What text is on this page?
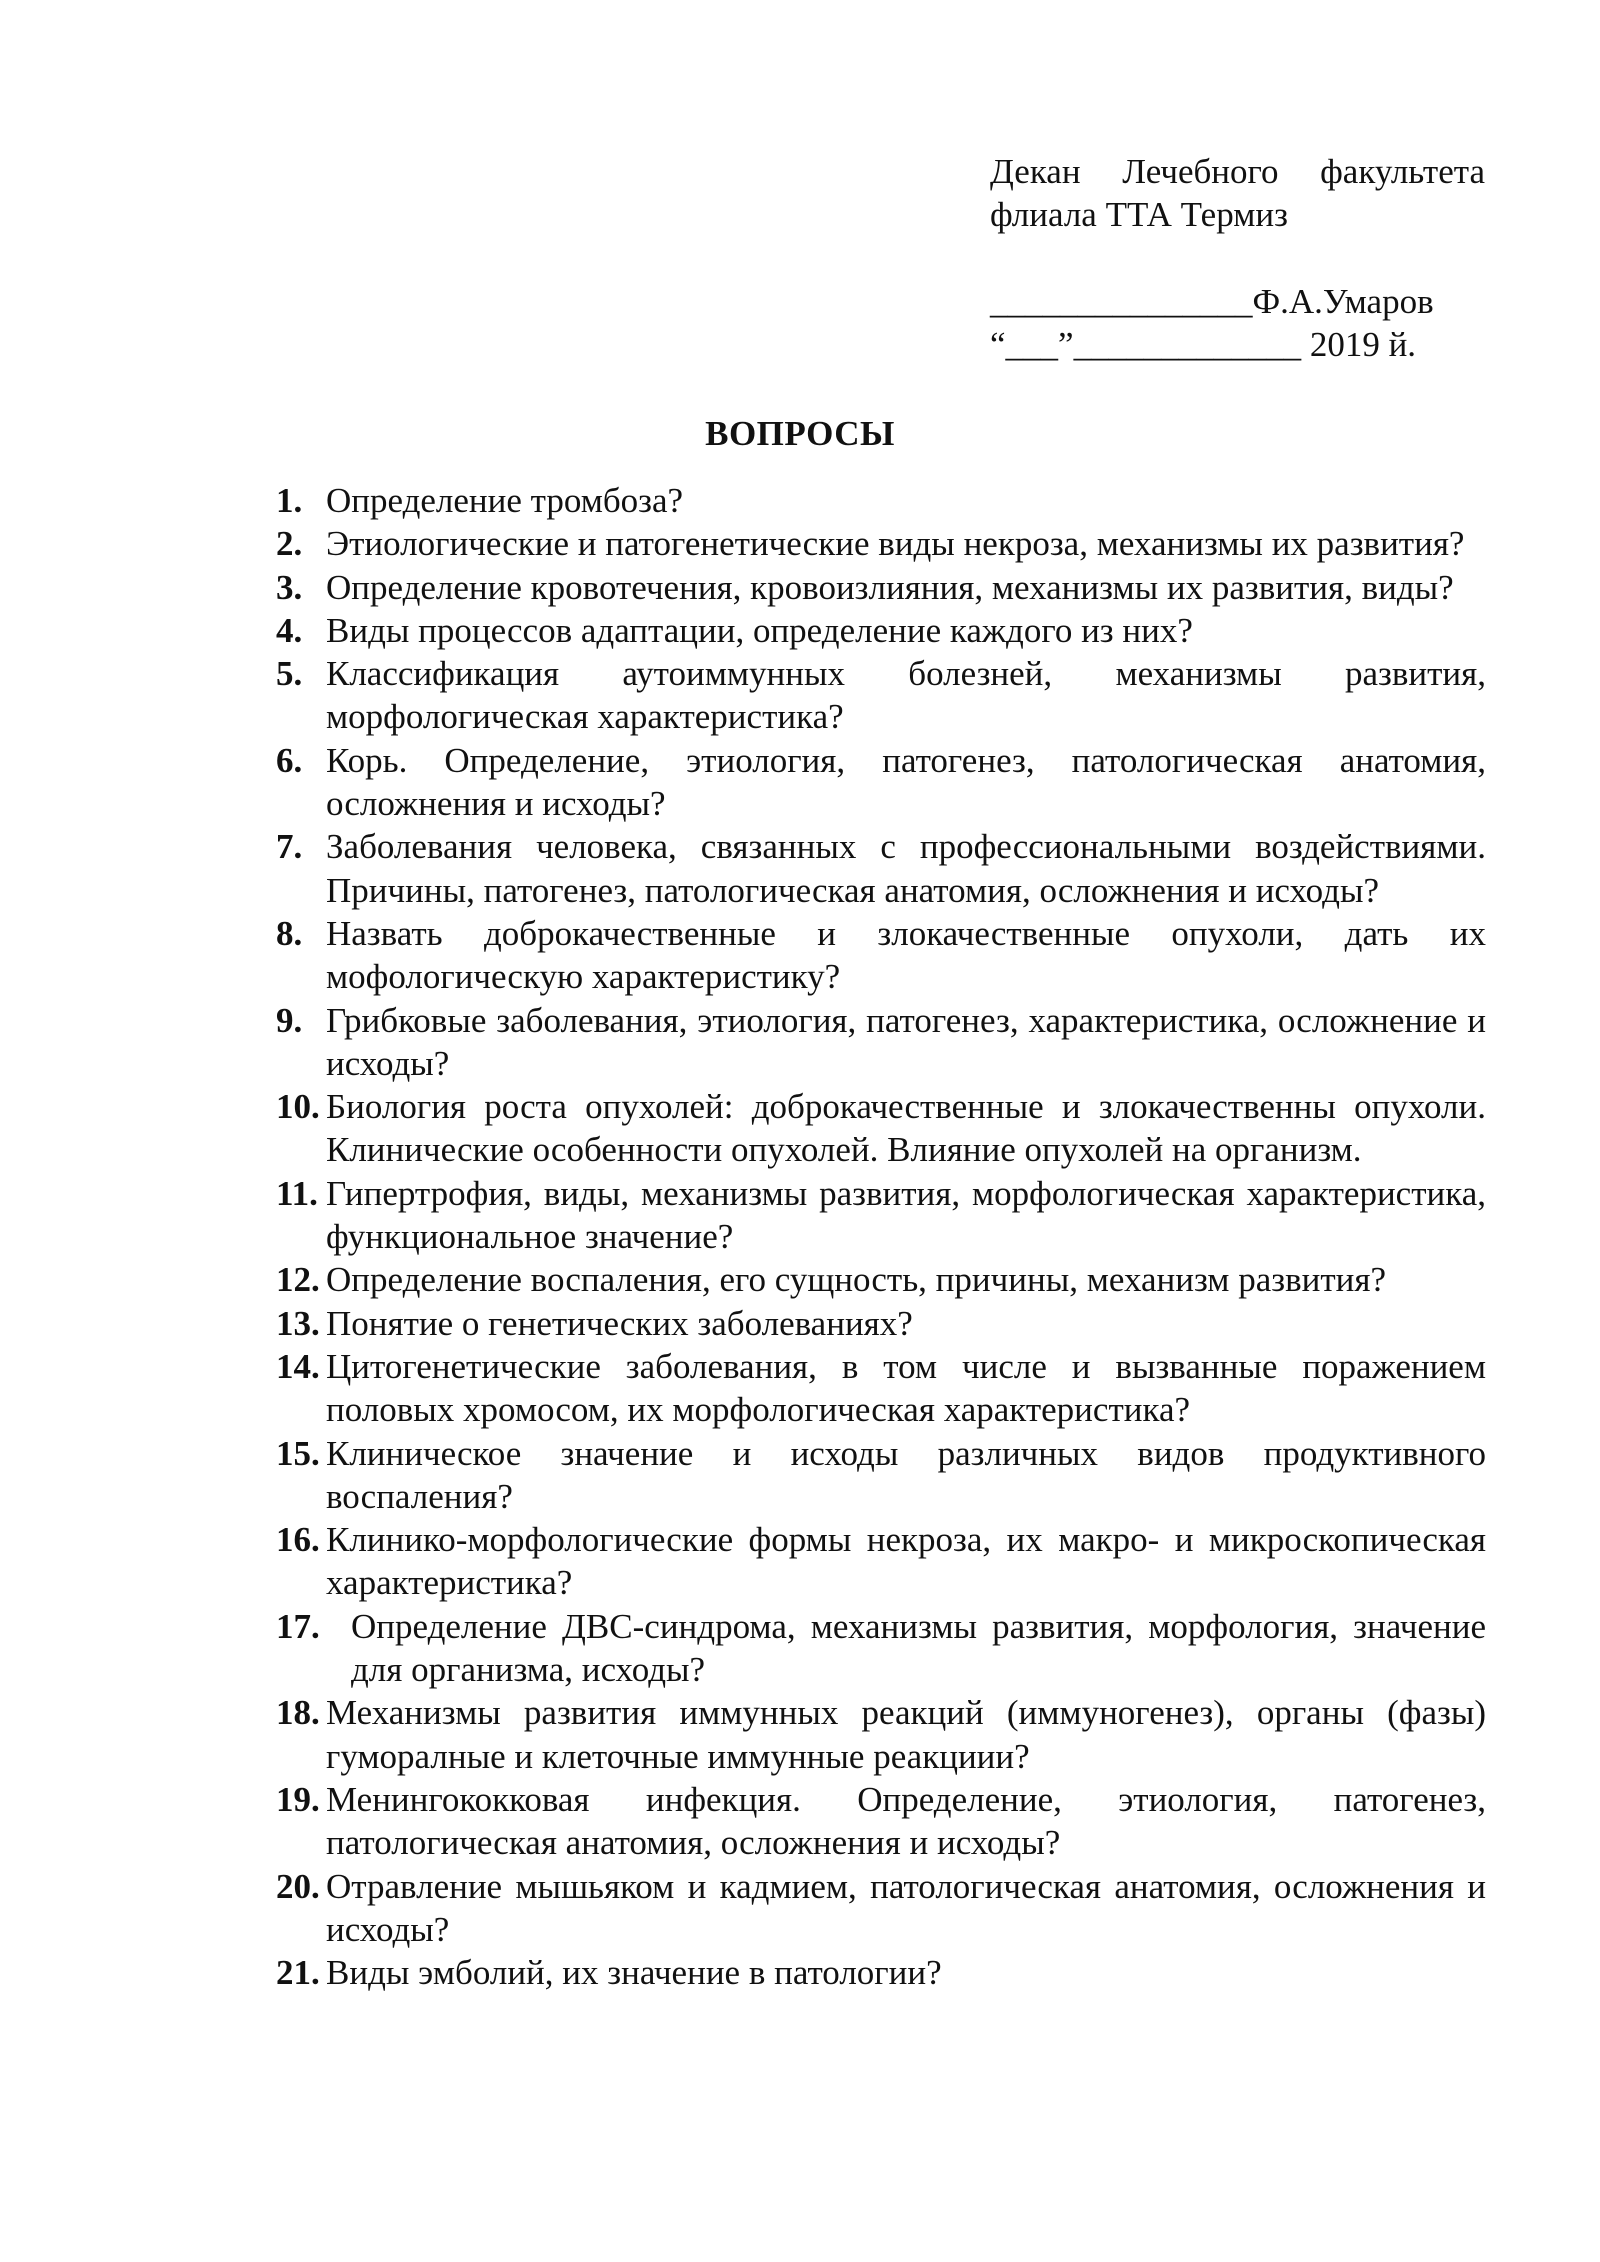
Декан Лечебного факультета
флиала ТТА Термиз
_______________Ф.А.Умаров
“___”_____________ 2019 й.
ВОПРОСЫ
1. Определение тромбоза?
2. Этиологические и патогенетические виды некроза, механизмы их развития?
3. Определение кровотечения, кровоизлияния, механизмы их развития, виды?
4. Виды процессов адаптации, определение каждого из них?
5. Классификация аутоиммунных болезней, механизмы развития, морфологическая характеристика?
6. Корь. Определение, этиология, патогенез, патологическая анатомия, осложнения и исходы?
7. Заболевания человека, связанных с профессиональными воздействиями. Причины, патогенез, патологическая анатомия, осложнения и исходы?
8. Назвать доброкачественные и злокачественные опухоли, дать их мофологическую характеристику?
9. Грибковые заболевания, этиология, патогенез, характеристика, осложнение и исходы?
10. Биология роста опухолей: доброкачественные и злокачественны опухоли. Клинические особенности опухолей. Влияние опухолей на организм.
11. Гипертрофия, виды, механизмы развития, морфологическая характеристика, функциональное значение?
12. Определение воспаления, его сущность, причины, механизм развития?
13. Понятие о генетических заболеваниях?
14. Цитогенетические заболевания, в том числе и вызванные поражением половых хромосом, их морфологическая характеристика?
15. Клиническое значение и исходы различных видов продуктивного воспаления?
16. Клинико-морфологические формы некроза, их макро- и микроскопическая характеристика?
17. Определение ДВС-синдрома, механизмы развития, морфология, значение для организма, исходы?
18. Механизмы развития иммунных реакций (иммуногенез), органы (фазы) гуморалные и клеточные иммунные реакциии?
19. Менингококковая инфекция. Определение, этиология, патогенез, патологическая анатомия, осложнения и исходы?
20. Отравление мышьяком и кадмием, патологическая анатомия, осложнения и исходы?
21. Виды эмболий, их значение в патологии?
